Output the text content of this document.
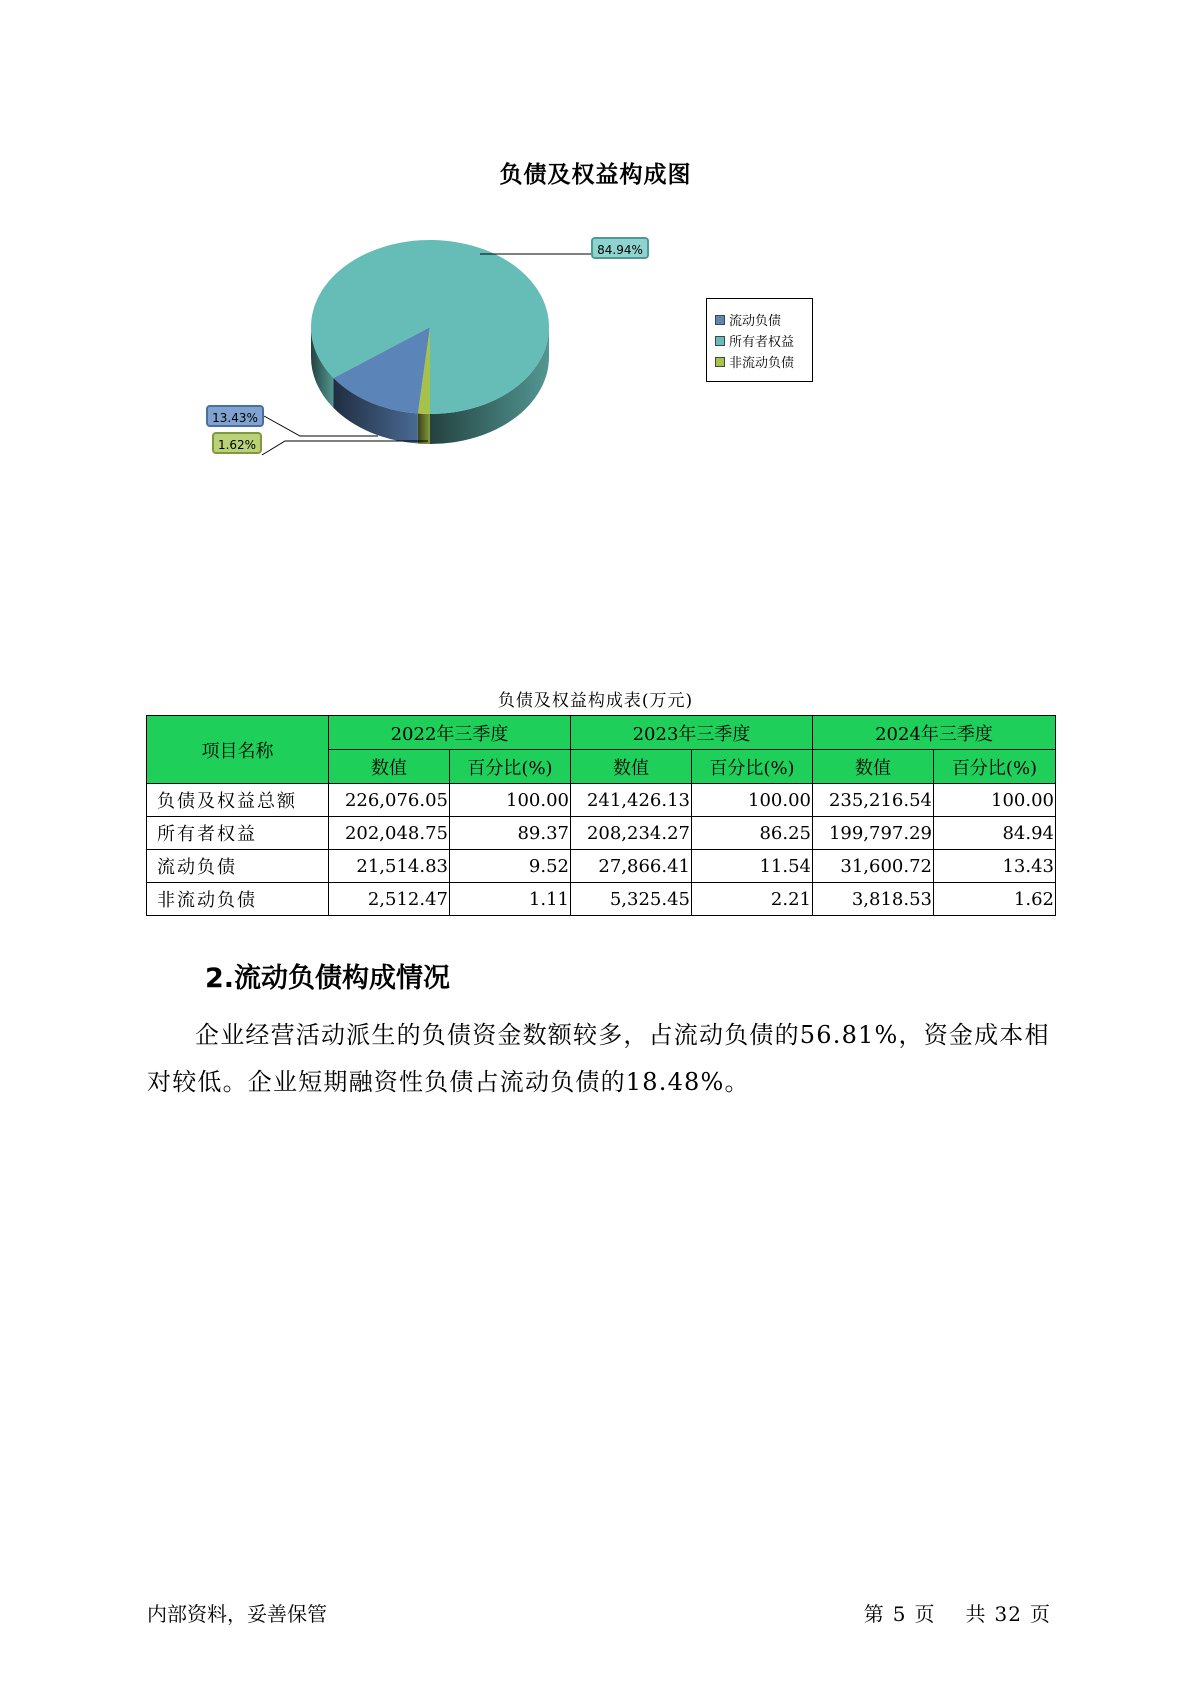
负债及权益构成图
13.43%
84.94%
1.62%
流动负债
所有者权益
非流动负债
负债及权益构成表(万元)
项目名称	2022年三季度		2023年三季度		2024年三季度	
	数值	百分比(%)	数值	百分比(%)	数值	百分比(%)
负债及权益总额	226,076.05	100.00	241,426.13	100.00	235,216.54	100.00
所有者权益	202,048.75	89.37	208,234.27	86.25	199,797.29	84.94
流动负债	21,514.83	9.52	27,866.41	11.54	31,600.72	13.43
非流动负债	2,512.47	1.11	5,325.45	2.21	3,818.53	1.62
2.流动负债构成情况
企业经营活动派生的负债资金数额较多，占流动负债的56.81%，资金成本相对较低。企业短期融资性负债占流动负债的18.48%。
内部资料，妥善保管	第 5 页 共 32 页
